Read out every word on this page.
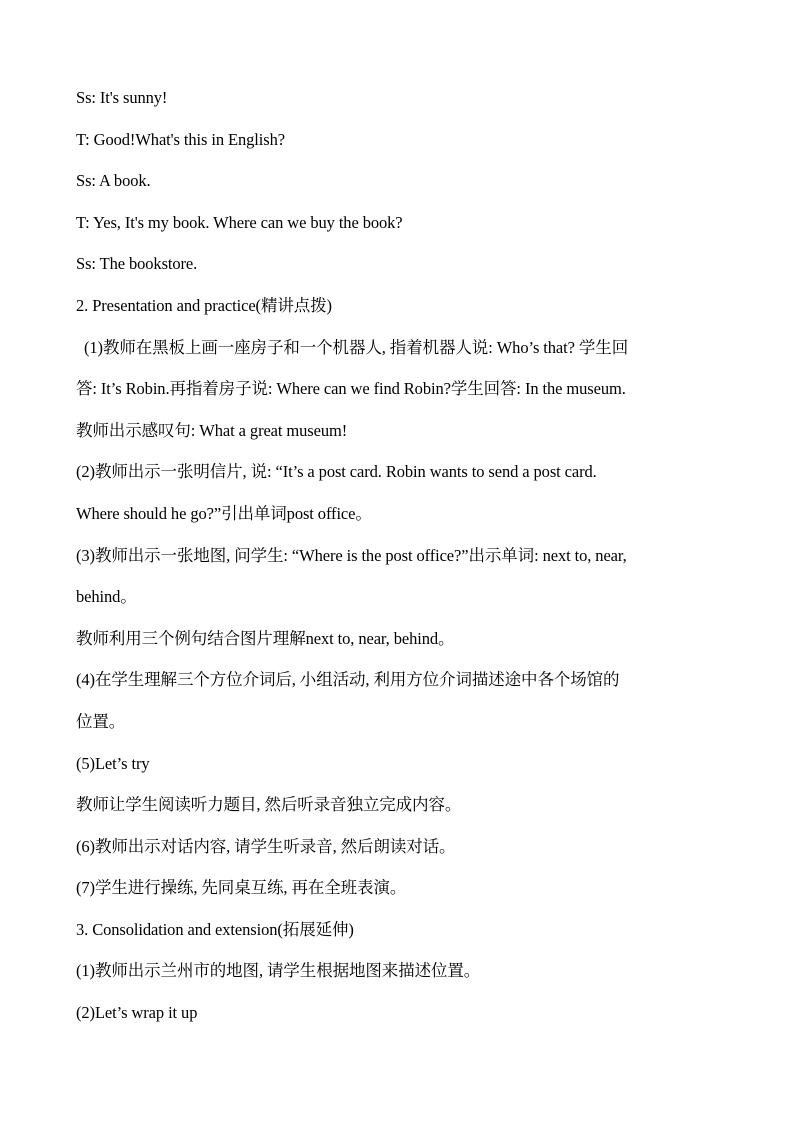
Ss: It's sunny!
T: Good!What's this in English?
Ss: A book.
T: Yes, It's my book. Where can we buy the book?
Ss: The bookstore.
2. Presentation and practice(精讲点拨)
(1)教师在黑板上画一座房子和一个机器人, 指着机器人说: Who’s that? 学生回
答: It’s Robin.再指着房子说: Where can we find Robin?学生回答: In the museum.
教师出示感叹句: What a great museum!
(2)教师出示一张明信片, 说: “It’s a post card. Robin wants to send a post card.
Where should he go?”引出单词post office。
(3)教师出示一张地图, 问学生: “Where is the post office?”出示单词: next to, near,
behind。
教师利用三个例句结合图片理解next to, near, behind。
(4)在学生理解三个方位介词后, 小组活动, 利用方位介词描述途中各个场馆的
位置。
(5)Let’s try
教师让学生阅读听力题目, 然后听录音独立完成内容。
(6)教师出示对话内容, 请学生听录音, 然后朗读对话。
(7)学生进行操练, 先同桌互练, 再在全班表演。
3. Consolidation and extension(拓展延伸)
(1)教师出示兰州市的地图, 请学生根据地图来描述位置。
(2)Let’s wrap it up
